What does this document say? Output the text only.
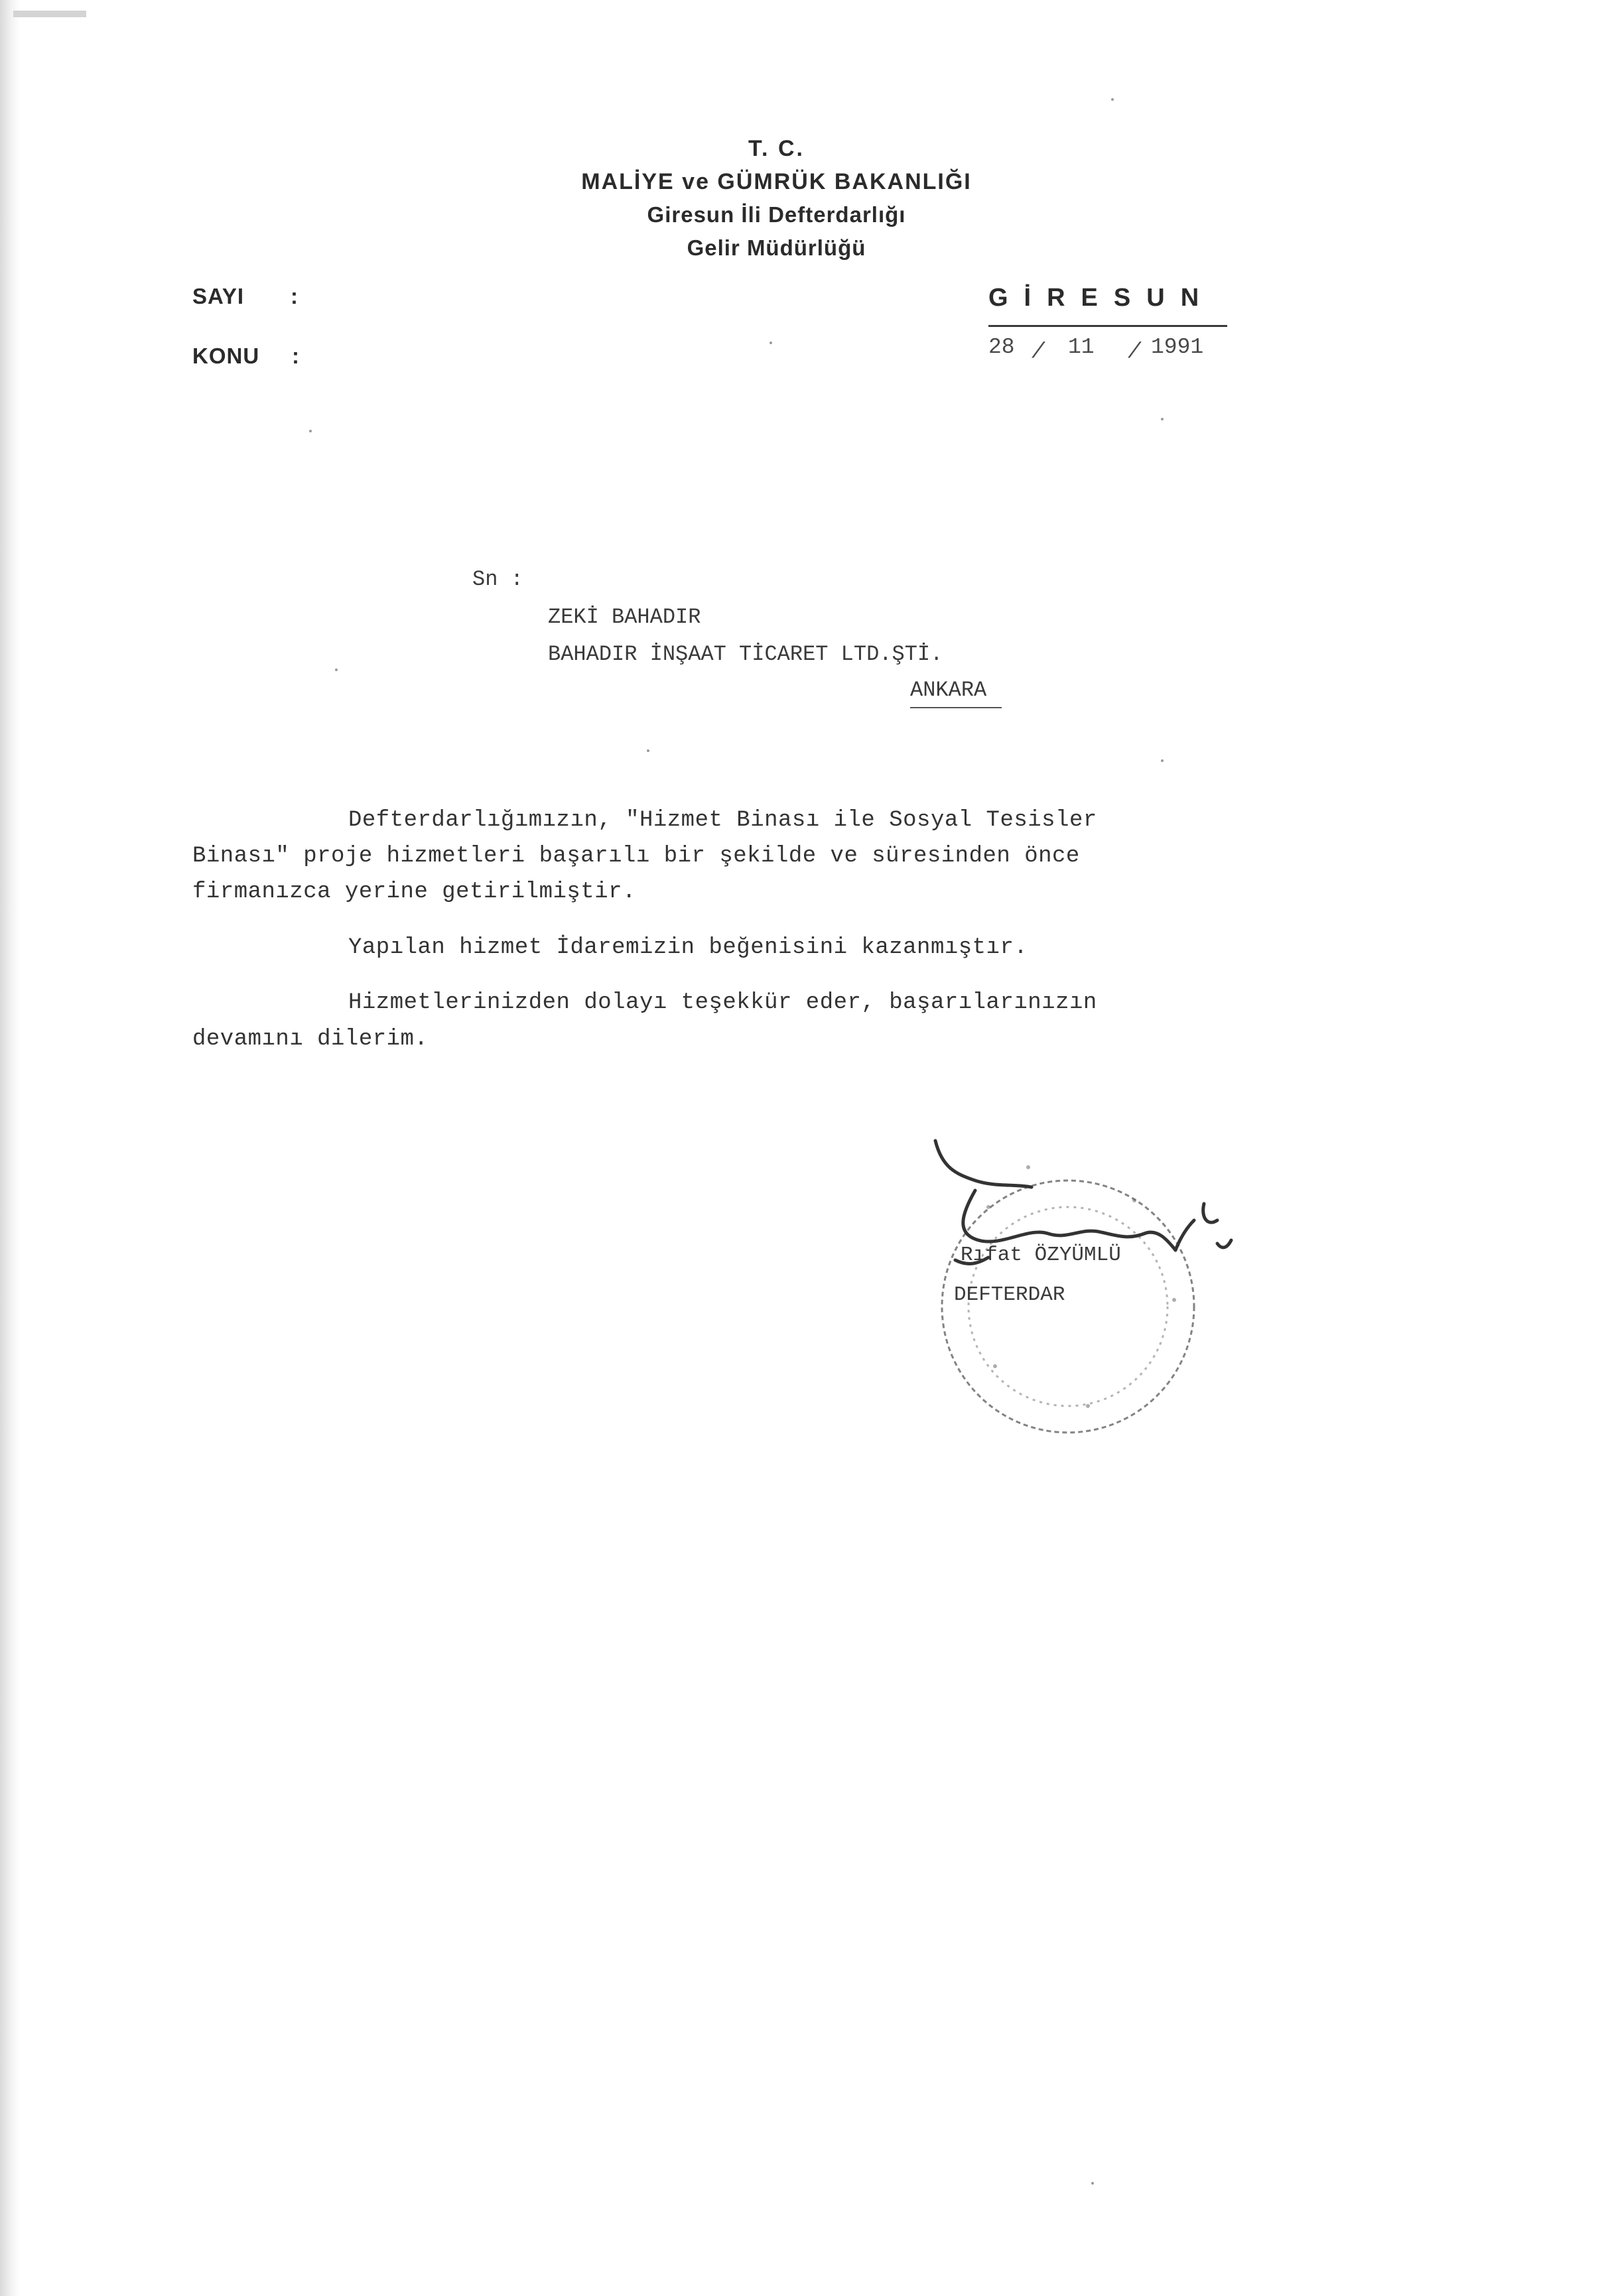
T. C.
MALİYE ve GÜMRÜK BAKANLIĞI
Giresun İli Defterdarlığı
Gelir Müdürlüğü
SAYI :
KONU :
GİRESUN
28 / 11 / 1991
Sn :
ZEKİ BAHADIR
BAHADIR İNŞAAT TİCARET LTD.ŞTİ.
ANKARA
Defterdarlığımızın, "Hizmet Binası ile Sosyal Tesisler
Binası" proje hizmetleri başarılı bir şekilde ve süresinden önce
firmanızca yerine getirilmiştir.
Yapılan hizmet İdaremizin beğenisini kazanmıştır.
Hizmetlerinizden dolayı teşekkür eder, başarılarınızın
devamını dilerim.
Rıfat ÖZYÜMLÜ
DEFTERDAR
